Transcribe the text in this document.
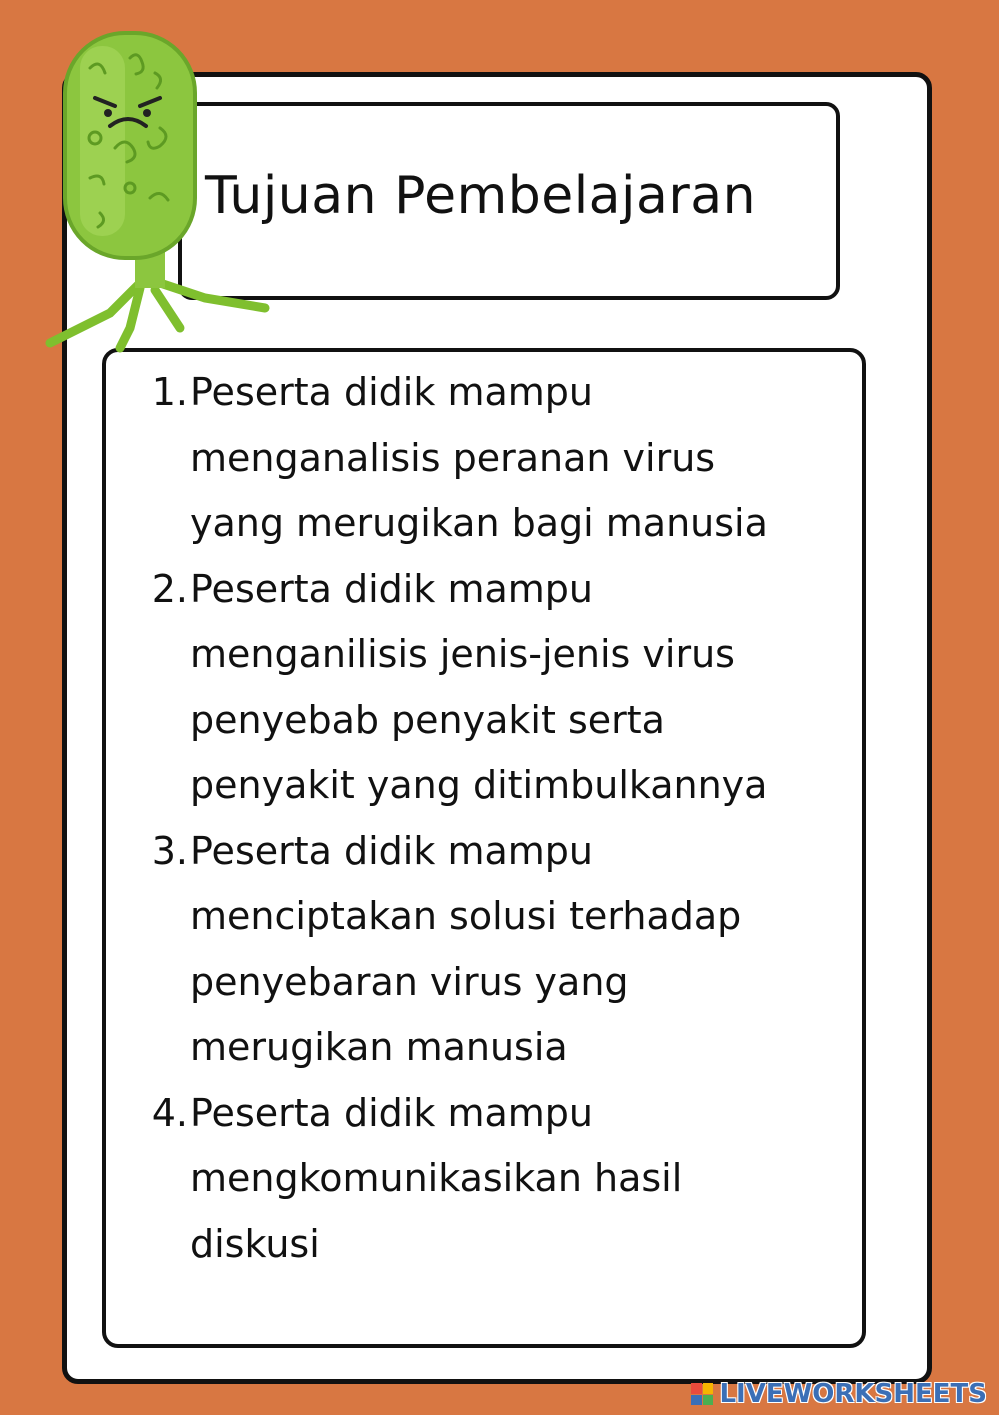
Tujuan Pembelajaran
1. Peserta didik mampu
menganalisis peranan virus
yang merugikan bagi manusia
2. Peserta didik mampu
menganilisis jenis-jenis virus
penyebab penyakit serta
penyakit yang ditimbulkannya
3. Peserta didik mampu
menciptakan solusi terhadap
penyebaran virus yang
merugikan manusia
4. Peserta didik mampu
mengkomunikasikan hasil
diskusi
LIVEWORKSHEETS
